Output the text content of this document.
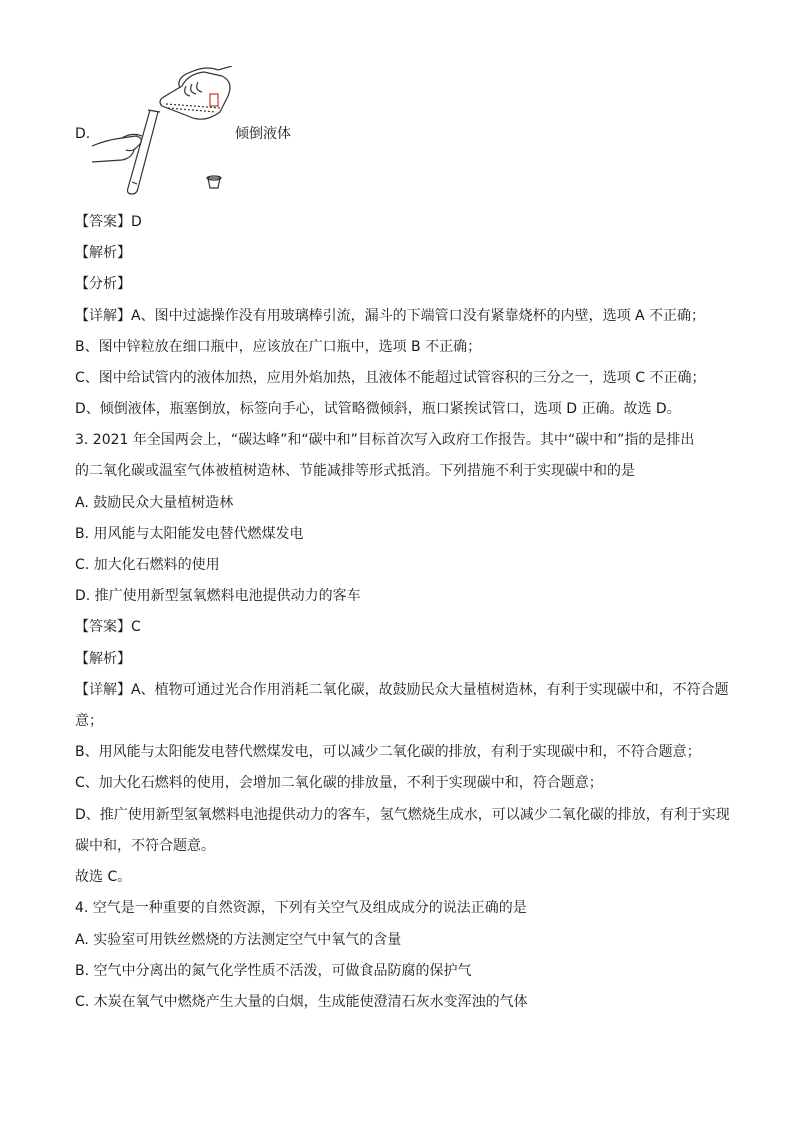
D.	倾倒液体
【答案】D
【解析】
【分析】
【详解】A、图中过滤操作没有用玻璃棒引流，漏斗的下端管口没有紧靠烧杯的内壁，选项 A 不正确；
B、图中锌粒放在细口瓶中，应该放在广口瓶中，选项 B 不正确；
C、图中给试管内的液体加热，应用外焰加热，且液体不能超过试管容积的三分之一，选项 C 不正确；
D、倾倒液体，瓶塞倒放，标签向手心，试管略微倾斜，瓶口紧挨试管口，选项 D 正确。故选 D。
3. 2021 年全国两会上，“碳达峰”和“碳中和”目标首次写入政府工作报告。其中“碳中和”指的是排出
的二氧化碳或温室气体被植树造林、节能减排等形式抵消。下列措施不利于实现碳中和的是
A. 鼓励民众大量植树造林
B. 用风能与太阳能发电替代燃煤发电
C. 加大化石燃料的使用
D. 推广使用新型氢氧燃料电池提供动力的客车
【答案】C
【解析】
【详解】A、植物可通过光合作用消耗二氧化碳，故鼓励民众大量植树造林，有利于实现碳中和，不符合题
意；
B、用风能与太阳能发电替代燃煤发电，可以减少二氧化碳的排放，有利于实现碳中和，不符合题意；
C、加大化石燃料的使用，会增加二氧化碳的排放量，不利于实现碳中和，符合题意；
D、推广使用新型氢氧燃料电池提供动力的客车，氢气燃烧生成水，可以减少二氧化碳的排放，有利于实现
碳中和，不符合题意。
故选 C。
4. 空气是一种重要的自然资源，下列有关空气及组成成分的说法正确的是
A. 实验室可用铁丝燃烧的方法测定空气中氧气的含量
B. 空气中分离出的氮气化学性质不活泼，可做食品防腐的保护气
C. 木炭在氧气中燃烧产生大量的白烟，生成能使澄清石灰水变浑浊的气体
